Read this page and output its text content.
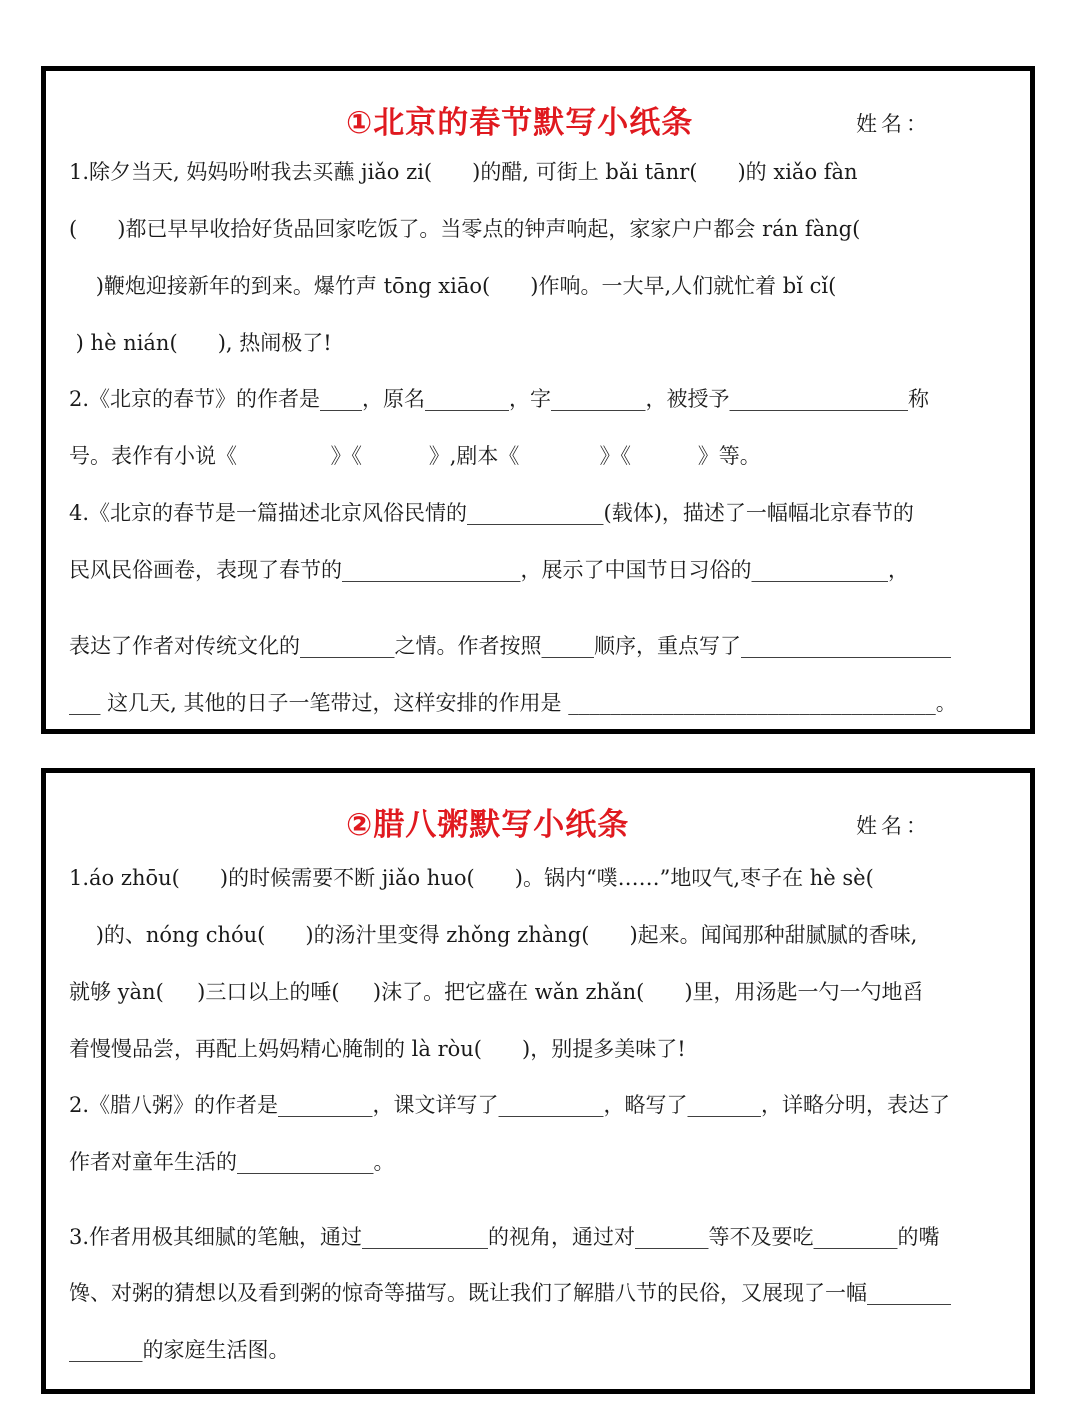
①北京的春节默写小纸条	姓名：
1.除夕当天, 妈妈吩咐我去买蘸 jiǎo zi(      )的醋, 可街上 bǎi tānr(      )的 xiǎo fàn
(      )都已早早收拾好货品回家吃饭了。当零点的钟声响起，家家户户都会 rán fàng(
)鞭炮迎接新年的到来。爆竹声 tōng xiāo(      )作响。一大早,人们就忙着 bǐ cǐ(
) hè nián(      ), 热闹极了!
2.《北京的春节》的作者是____，原名________，字_________，被授予_________________称
号。表作有小说《              》《          》,剧本《            》《          》等。
4.《北京的春节是一篇描述北京风俗民情的_____________(载体)，描述了一幅幅北京春节的
民风民俗画卷，表现了春节的_________________，展示了中国节日习俗的_____________，
表达了作者对传统文化的_________之情。作者按照_____顺序，重点写了____________________
___ 这几天, 其他的日子一笔带过，这样安排的作用是 ___________________________________。
②腊八粥默写小纸条	姓名：
1.áo zhōu(      )的时候需要不断 jiǎo huo(      )。锅内“噗……”地叹气,枣子在 hè sè(
)的、nóng chóu(      )的汤汁里变得 zhǒng zhàng(      )起来。闻闻那种甜腻腻的香味,
就够 yàn(     )三口以上的唾(     )沫了。把它盛在 wǎn zhǎn(      )里，用汤匙一勺一勺地舀
着慢慢品尝，再配上妈妈精心腌制的 là ròu(      )，别提多美味了!
2.《腊八粥》的作者是_________，课文详写了__________，略写了_______，详略分明，表达了
作者对童年生活的_____________。
3.作者用极其细腻的笔触，通过____________的视角，通过对_______等不及要吃________的嘴
馋、对粥的猜想以及看到粥的惊奇等描写。既让我们了解腊八节的民俗，又展现了一幅________
_______的家庭生活图。
